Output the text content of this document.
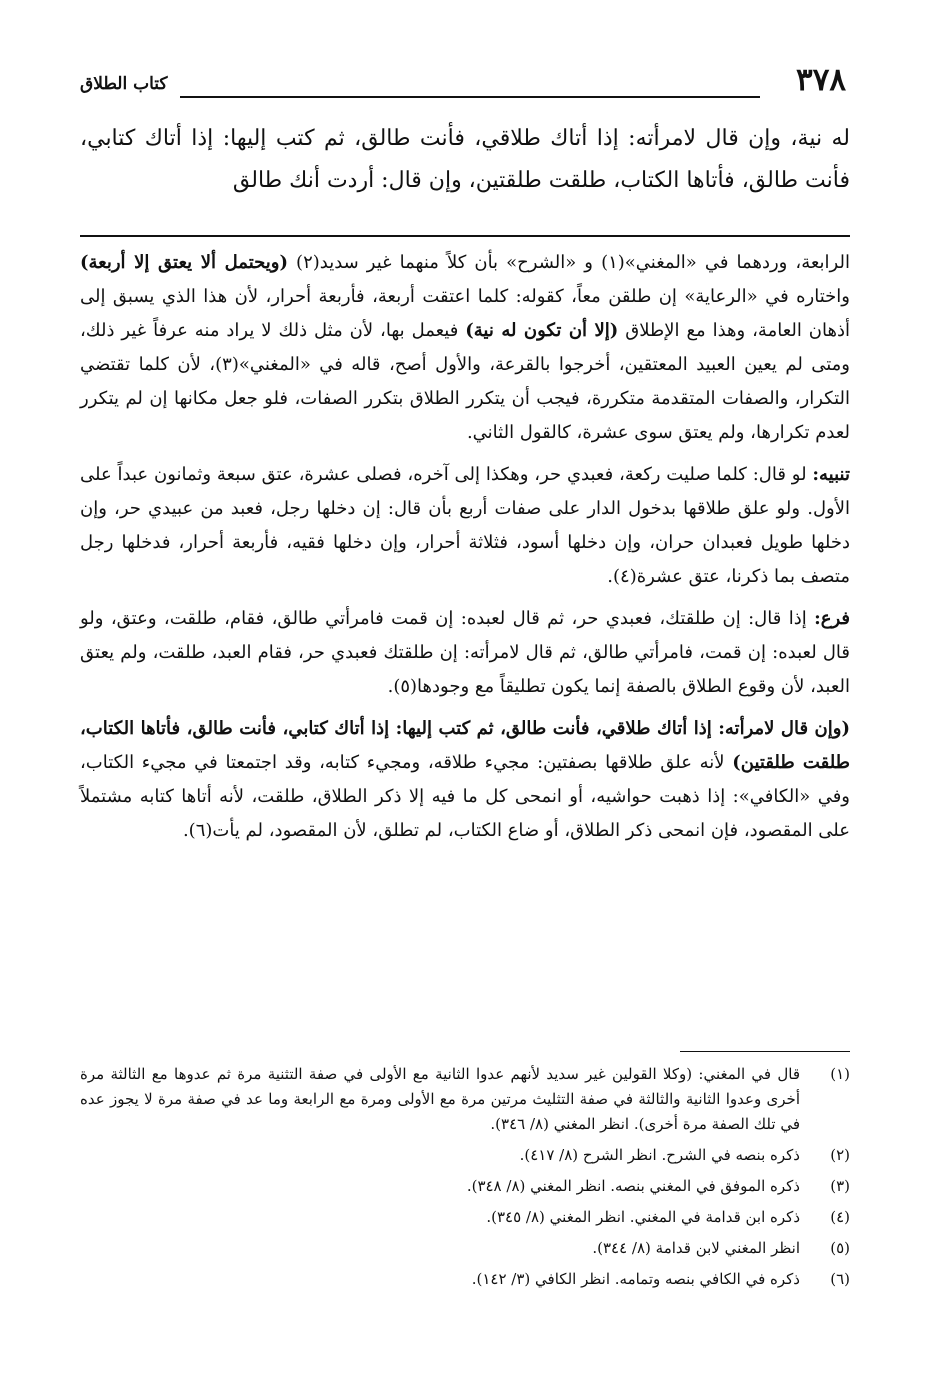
٣٧٨
كتاب الطلاق
له نية، وإن قال لامرأته: إذا أتاك طلاقي، فأنت طالق، ثم كتب إليها: إذا أتاك كتابي، فأنت طالق، فأتاها الكتاب، طلقت طلقتين، وإن قال: أردت أنك طالق

الرابعة، وردهما في «المغني»(١) و «الشرح» بأن كلاً منهما غير سديد(٢) (ويحتمل ألا يعتق إلا أربعة) واختاره في «الرعاية» إن طلقن معاً، كقوله: كلما اعتقت أربعة، فأربعة أحرار، لأن هذا الذي يسبق إلى أذهان العامة، وهذا مع الإطلاق (إلا أن تكون له نية) فيعمل بها، لأن مثل ذلك لا يراد منه عرفاً غير ذلك، ومتى لم يعين العبيد المعتقين، أخرجوا بالقرعة، والأول أصح، قاله في «المغني»(٣)، لأن كلما تقتضي التكرار، والصفات المتقدمة متكررة، فيجب أن يتكرر الطلاق بتكرر الصفات، فلو جعل مكانها إن لم يتكرر لعدم تكرارها، ولم يعتق سوى عشرة، كالقول الثاني.

تنبيه: لو قال: كلما صليت ركعة، فعبدي حر، وهكذا إلى آخره، فصلى عشرة، عتق سبعة وثمانون عبداً على الأول. ولو علق طلاقها بدخول الدار على صفات أربع بأن قال: إن دخلها رجل، فعبد من عبيدي حر، وإن دخلها طويل فعبدان حران، وإن دخلها أسود، فثلاثة أحرار، وإن دخلها فقيه، فأربعة أحرار، فدخلها رجل متصف بما ذكرنا، عتق عشرة(٤).

فرع: إذا قال: إن طلقتك، فعبدي حر، ثم قال لعبده: إن قمت فامرأتي طالق، فقام، طلقت، وعتق، ولو قال لعبده: إن قمت، فامرأتي طالق، ثم قال لامرأته: إن طلقتك فعبدي حر، فقام العبد، طلقت، ولم يعتق العبد، لأن وقوع الطلاق بالصفة إنما يكون تطليقاً مع وجودها(٥).

(وإن قال لامرأته: إذا أتاك طلاقي، فأنت طالق، ثم كتب إليها: إذا أتاك كتابي، فأنت طالق، فأتاها الكتاب، طلقت طلقتين) لأنه علق طلاقها بصفتين: مجيء طلاقه، ومجيء كتابه، وقد اجتمعتا في مجيء الكتاب، وفي «الكافي»: إذا ذهبت حواشيه، أو انمحى كل ما فيه إلا ذكر الطلاق، طلقت، لأنه أتاها كتابه مشتملاً على المقصود، فإن انمحى ذكر الطلاق، أو ضاع الكتاب، لم تطلق، لأن المقصود، لم يأت(٦).

(١)
قال في المغني: (وكلا القولين غير سديد لأنهم عدوا الثانية مع الأولى في صفة التثنية مرة ثم عدوها مع الثالثة مرة أخرى وعدوا الثانية والثالثة في صفة التثليث مرتين مرة مع الأولى ومرة مع الرابعة وما عد في صفة مرة لا يجوز عده في تلك الصفة مرة أخرى). انظر المغني (٨/ ٣٤٦).
(٢)
ذكره بنصه في الشرح. انظر الشرح (٨/ ٤١٧).
(٣)
ذكره الموفق في المغني بنصه. انظر المغني (٨/ ٣٤٨).
(٤)
ذكره ابن قدامة في المغني. انظر المغني (٨/ ٣٤٥).
(٥)
انظر المغني لابن قدامة (٨/ ٣٤٤).
(٦)
ذكره في الكافي بنصه وتمامه. انظر الكافي (٣/ ١٤٢).
